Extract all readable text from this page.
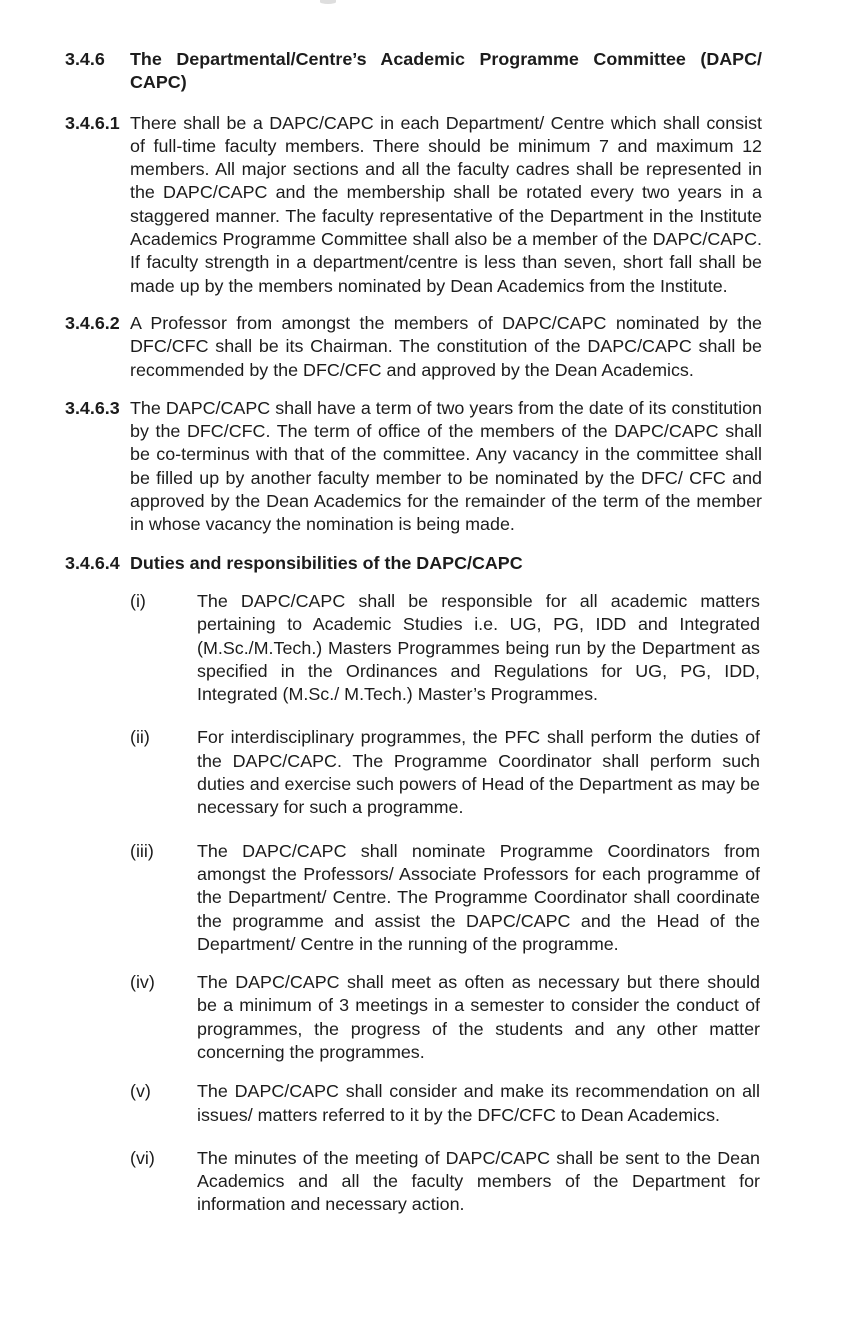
3.4.6	The Departmental/Centre’s Academic Programme Committee (DAPC/ CAPC)
3.4.6.1 There shall be a DAPC/CAPC in each Department/ Centre which shall consist of full-time faculty members. There should be minimum 7 and maximum 12 members. All major sections and all the faculty cadres shall be represented in the DAPC/CAPC and the membership shall be rotated every two years in a staggered manner. The faculty representative of the Department in the Institute Academics Programme Committee shall also be a member of the DAPC/CAPC. If faculty strength in a department/centre is less than seven, short fall shall be made up by the members nominated by Dean Academics from the Institute.

3.4.6.2 A Professor from amongst the members of DAPC/CAPC nominated by the DFC/CFC shall be its Chairman. The constitution of the DAPC/CAPC shall be recommended by the DFC/CFC and approved by the Dean Academics.

3.4.6.3 The DAPC/CAPC shall have a term of two years from the date of its constitution by the DFC/CFC. The term of office of the members of the DAPC/CAPC shall be co-terminus with that of the committee. Any vacancy in the committee shall be filled up by another faculty member to be nominated by the DFC/ CFC and approved by the Dean Academics for the remainder of the term of the member in whose vacancy the nomination is being made.

3.4.6.4 Duties and responsibilities of the DAPC/CAPC
(i)	The DAPC/CAPC shall be responsible for all academic matters pertaining to Academic Studies i.e. UG, PG, IDD and Integrated (M.Sc./M.Tech.) Masters Programmes being run by the Department as specified in the Ordinances and Regulations for UG, PG, IDD, Integrated (M.Sc./ M.Tech.) Master’s Programmes.

(ii)	For interdisciplinary programmes, the PFC shall perform the duties of the DAPC/CAPC. The Programme Coordinator shall perform such duties and exercise such powers of Head of the Department as may be necessary for such a programme.

(iii)	The DAPC/CAPC shall nominate Programme Coordinators from amongst the Professors/ Associate Professors for each programme of the Department/ Centre. The Programme Coordinator shall coordinate the programme and assist the DAPC/CAPC and the Head of the Department/ Centre in the running of the programme.

(iv)	The DAPC/CAPC shall meet as often as necessary but there should be a minimum of 3 meetings in a semester to consider the conduct of programmes, the progress of the students and any other matter concerning the programmes.

(v)	The DAPC/CAPC shall consider and make its recommendation on all issues/ matters referred to it by the DFC/CFC to Dean Academics.

(vi)	The minutes of the meeting of DAPC/CAPC shall be sent to the Dean Academics and all the faculty members of the Department for information and necessary action.
